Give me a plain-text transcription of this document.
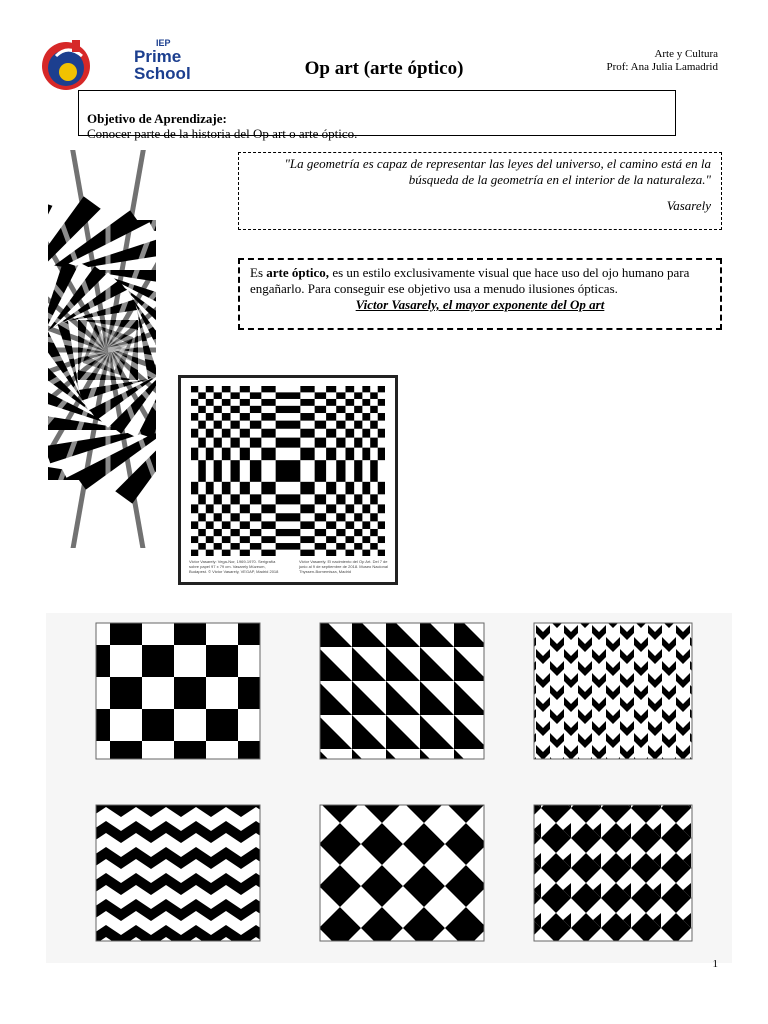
IEP
Prime
School	Op art (arte óptico)
Arte y Cultura
Prof: Ana Julia Lamadrid
Objetivo de Aprendizaje:
Conocer parte de la historia del Op art o arte óptico.
"La geometría es capaz de representar las leyes del universo, el camino está en la búsqueda de la geometría en el interior de la naturaleza."
Vasarely
Es arte óptico, es un estilo exclusivamente visual que hace uso del ojo humano para engañarlo. Para conseguir ese objetivo usa a menudo ilusiones ópticas.
Victor Vasarely, el mayor exponente del Op art
Victor Vasarely: Vega-Nor, 1969-1970. Serigrafía sobre papel 97 x 79 cm. Vasarely Múzeum, Budapest. © Victor Vasarely, VEGAP, Madrid 2018
Victor Vasarely. El nacimiento del Op Art. Del 7 de junio al 9 de septiembre de 2018. Museo Nacional Thyssen-Bornemisza, Madrid
1
